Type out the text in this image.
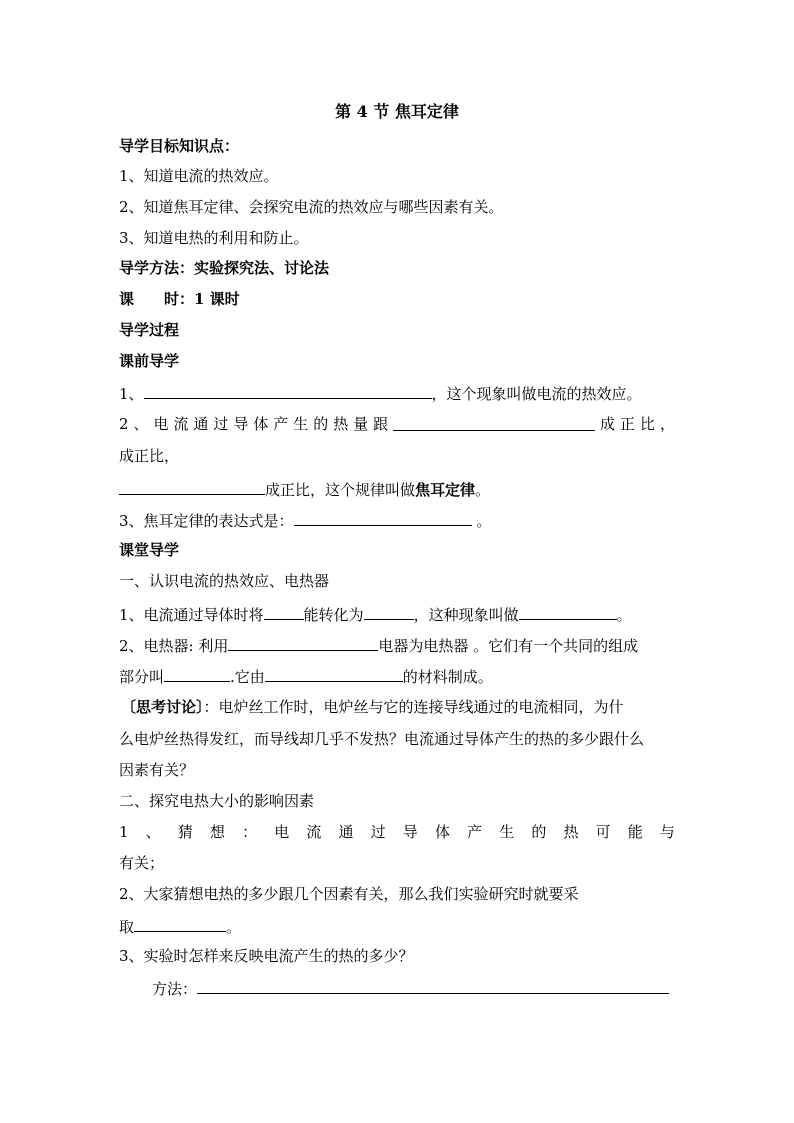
第 4 节 焦耳定律
导学目标知识点：
1、知道电流的热效应。
2、知道焦耳定律、会探究电流的热效应与哪些因素有关。
3、知道电热的利用和防止。
导学方法：实验探究法、讨论法
课　　时：1 课时
导学过程
课前导学
1、	，这个现象叫做电流的热效应。
2 、 电 流 通 过 导 体 产 生 的 热 量 跟	成 正 比 ，
成正比，
成正比，这个规律叫做焦耳定律。
3、焦耳定律的表达式是：	。
课堂导学
一、认识电流的热效应、电热器
1、电流通过导体时将	能转化为	，这种现象叫做	。
2、电热器: 利用	电器为电热器 。它们有一个共同的组成
部分叫	.它由	的材料制成。
〔思考讨论〕：电炉丝工作时，电炉丝与它的连接导线通过的电流相同，为什
么电炉丝热得发红，而导线却几乎不发热？电流通过导体产生的热的多少跟什么
因素有关？
二、探究电热大小的影响因素
1 、 猜 想 ： 电 流 通 过 导 体 产 生 的 热 可 能 与
有关；
2、大家猜想电热的多少跟几个因素有关，那么我们实验研究时就要采
取	。
3、实验时怎样来反映电流产生的热的多少？
方法：
